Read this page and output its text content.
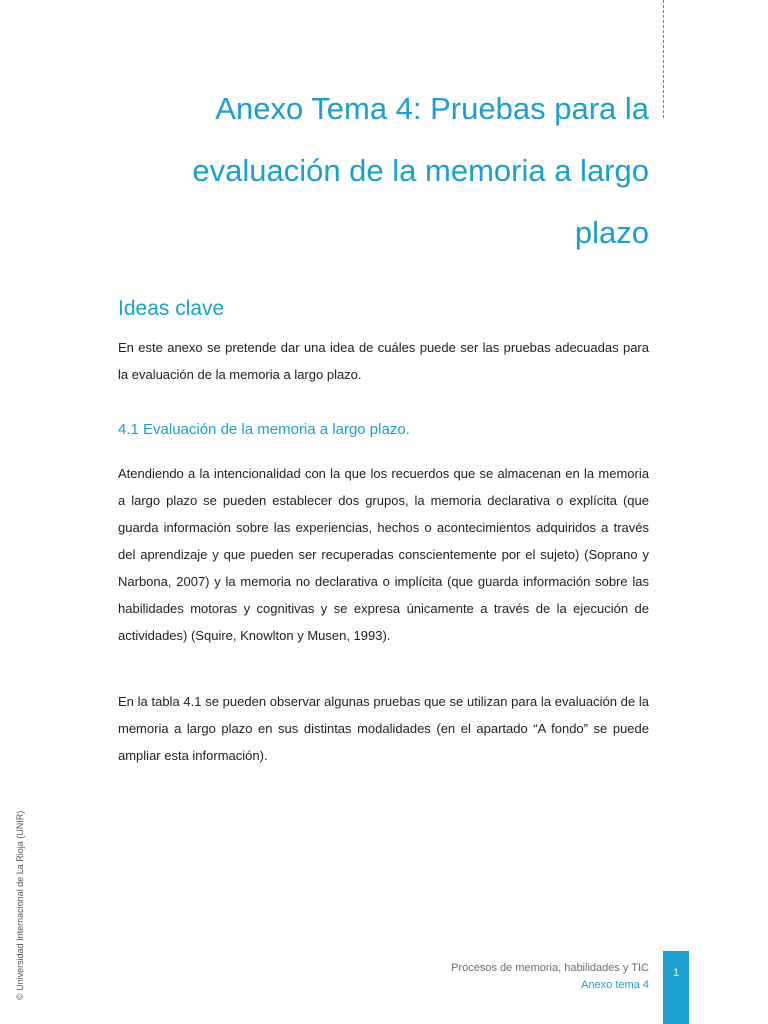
Anexo Tema 4: Pruebas para la evaluación de la memoria a largo plazo
Ideas clave

En este anexo se pretende dar una idea de cuáles puede ser las pruebas adecuadas para la evaluación de la memoria a largo plazo.

4.1 Evaluación de la memoria a largo plazo.

Atendiendo a la intencionalidad con la que los recuerdos que se almacenan en la memoria a largo plazo se pueden establecer dos grupos, la memoria declarativa o explícita (que guarda información sobre las experiencias, hechos o acontecimientos adquiridos a través del aprendizaje y que pueden ser recuperadas conscientemente por el sujeto) (Soprano y Narbona, 2007) y la memoria no declarativa o implícita (que guarda información sobre las habilidades motoras y cognitivas y se expresa únicamente a través de la ejecución de actividades) (Squire, Knowlton y Musen, 1993).

En la tabla 4.1 se pueden observar algunas pruebas que se utilizan para la evaluación de la memoria a largo plazo en sus distintas modalidades (en el apartado “A fondo” se puede ampliar esta información).

© Universidad Internacional de La Rioja (UNIR)	Procesos de memoria, habilidades y TIC
Anexo tema 4
1
